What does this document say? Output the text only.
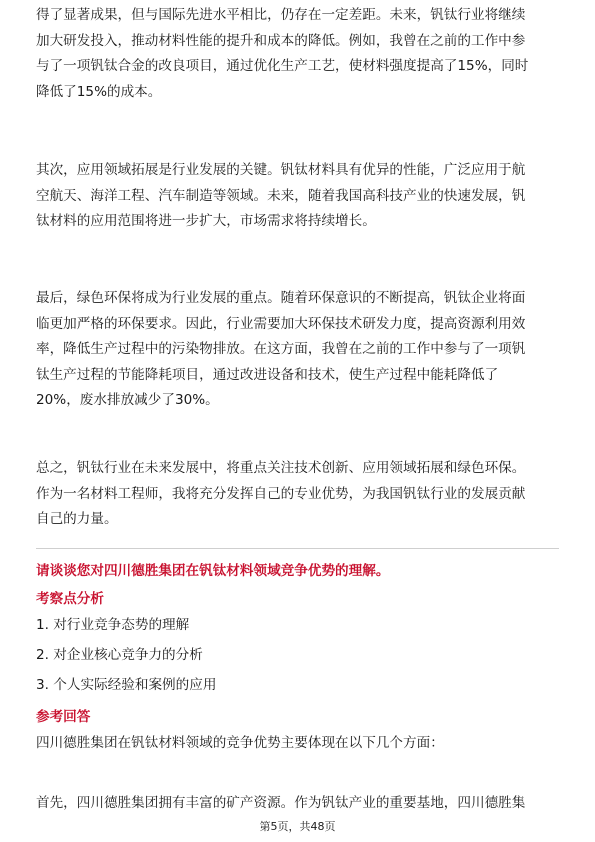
得了显著成果，但与国际先进水平相比，仍存在一定差距。未来，钒钛行业将继续
加大研发投入，推动材料性能的提升和成本的降低。例如，我曾在之前的工作中参
与了一项钒钛合金的改良项目，通过优化生产工艺，使材料强度提高了15%，同时
降低了15%的成本。
其次，应用领域拓展是行业发展的关键。钒钛材料具有优异的性能，广泛应用于航
空航天、海洋工程、汽车制造等领域。未来，随着我国高科技产业的快速发展，钒
钛材料的应用范围将进一步扩大，市场需求将持续增长。
最后，绿色环保将成为行业发展的重点。随着环保意识的不断提高，钒钛企业将面
临更加严格的环保要求。因此，行业需要加大环保技术研发力度，提高资源利用效
率，降低生产过程中的污染物排放。在这方面，我曾在之前的工作中参与了一项钒
钛生产过程的节能降耗项目，通过改进设备和技术，使生产过程中能耗降低了
20%，废水排放减少了30%。
总之，钒钛行业在未来发展中，将重点关注技术创新、应用领域拓展和绿色环保。
作为一名材料工程师，我将充分发挥自己的专业优势，为我国钒钛行业的发展贡献
自己的力量。
请谈谈您对四川德胜集团在钒钛材料领域竞争优势的理解。
考察点分析
1. 对行业竞争态势的理解
2. 对企业核心竞争力的分析
3. 个人实际经验和案例的应用
参考回答
四川德胜集团在钒钛材料领域的竞争优势主要体现在以下几个方面：
首先，四川德胜集团拥有丰富的矿产资源。作为钒钛产业的重要基地，四川德胜集
第5页，共48页
